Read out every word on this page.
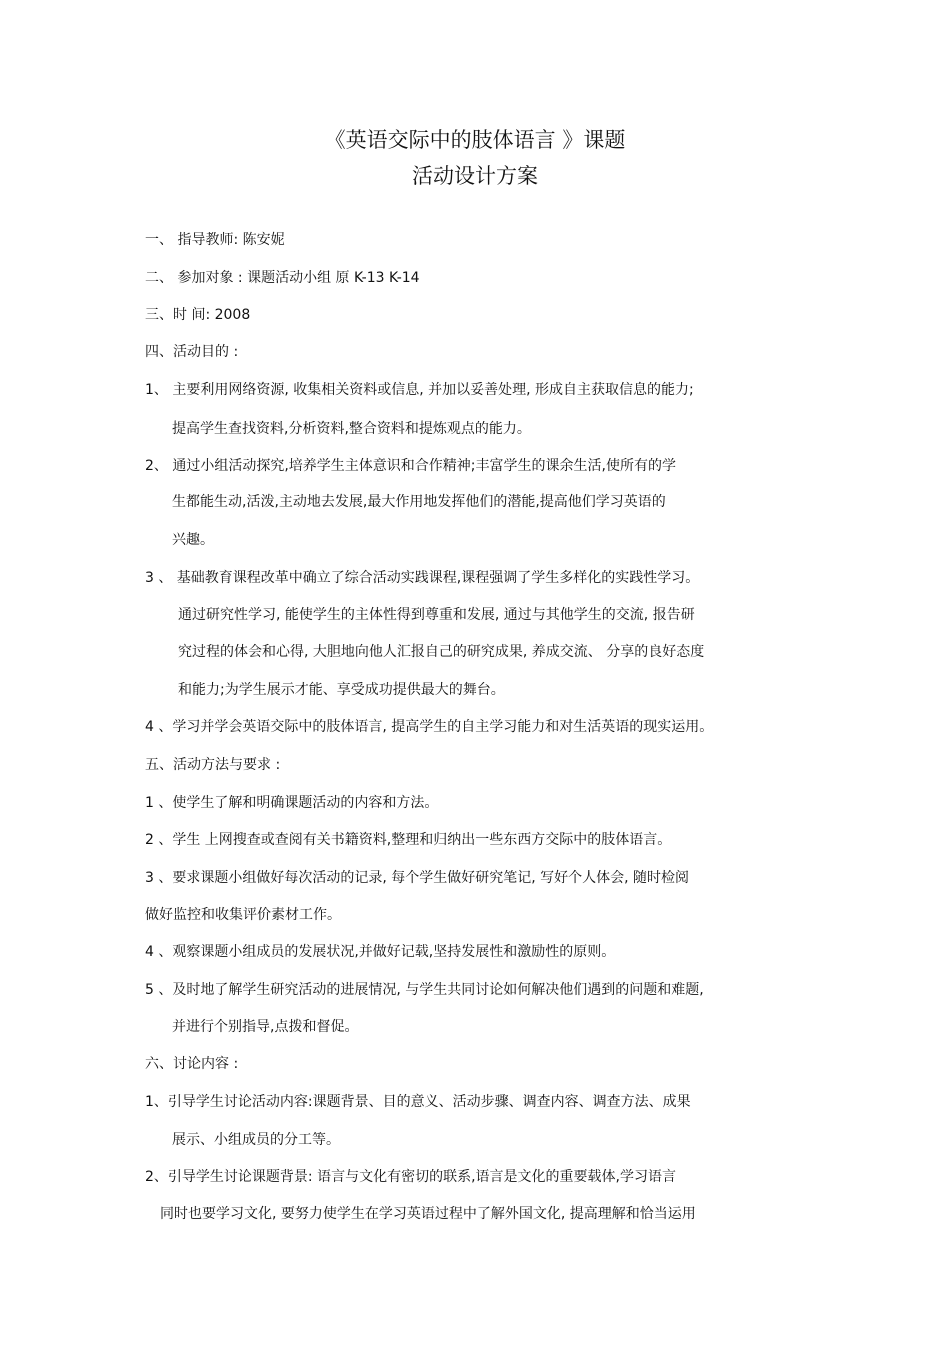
《英语交际中的肢体语言 》课题
活动设计方案
一、 指导教师: 陈安妮
二、 参加对象 : 课题活动小组 原 K-13 K-14
三、时 间: 2008
四、活动目的 :
1、 主要利用网络资源, 收集相关资料或信息, 并加以妥善处理, 形成自主获取信息的能力;
提高学生查找资料,分析资料,整合资料和提炼观点的能力。
2、 通过小组活动探究,培养学生主体意识和合作精神;丰富学生的课余生活,使所有的学
生都能生动,活泼,主动地去发展,最大作用地发挥他们的潜能,提高他们学习英语的
兴趣。
3 、 基础教育课程改革中确立了综合活动实践课程,课程强调了学生多样化的实践性学习。
通过研究性学习, 能使学生的主体性得到尊重和发展, 通过与其他学生的交流, 报告研
究过程的体会和心得, 大胆地向他人汇报自己的研究成果, 养成交流、 分享的良好态度
和能力;为学生展示才能、享受成功提供最大的舞台。
4 、学习并学会英语交际中的肢体语言, 提高学生的自主学习能力和对生活英语的现实运用。
五、活动方法与要求 :
1 、使学生了解和明确课题活动的内容和方法。
2 、学生 上网搜查或查阅有关书籍资料,整理和归纳出一些东西方交际中的肢体语言。
3 、要求课题小组做好每次活动的记录, 每个学生做好研究笔记, 写好个人体会, 随时检阅
做好监控和收集评价素材工作。
4 、观察课题小组成员的发展状况,并做好记载,坚持发展性和激励性的原则。
5 、及时地了解学生研究活动的进展情况, 与学生共同讨论如何解决他们遇到的问题和难题,
并进行个别指导,点拨和督促。
六、讨论内容 :
1、引导学生讨论活动内容:课题背景、目的意义、活动步骤、调查内容、调查方法、成果
展示、小组成员的分工等。
2、引导学生讨论课题背景: 语言与文化有密切的联系,语言是文化的重要载体,学习语言
同时也要学习文化, 要努力使学生在学习英语过程中了解外国文化, 提高理解和恰当运用
